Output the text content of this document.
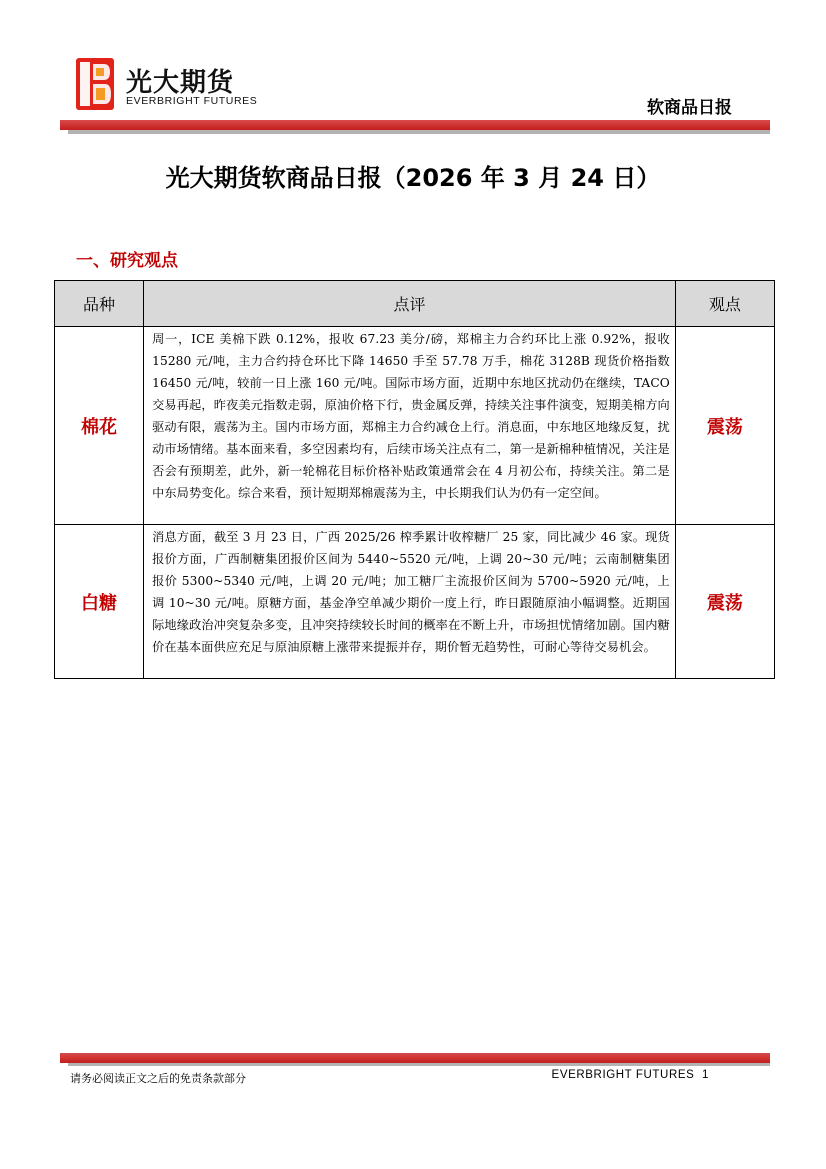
光大期货
EVERBRIGHT FUTURES	软商品日报
光大期货软商品日报（2026 年 3 月 24 日）
一、研究观点
品种	点评	观点
棉花	周一，ICE 美棉下跌 0.12%，报收 67.23 美分/磅，郑棉主力合约环比上涨 0.92%，报收 15280 元/吨，主力合约持仓环比下降 14650 手至 57.78 万手，棉花 3128B 现货价格指数 16450 元/吨，较前一日上涨 160 元/吨。国际市场方面，近期中东地区扰动仍在继续，TACO 交易再起，昨夜美元指数走弱，原油价格下行，贵金属反弹，持续关注事件演变，短期美棉方向驱动有限，震荡为主。国内市场方面，郑棉主力合约减仓上行。消息面，中东地区地缘反复，扰动市场情绪。基本面来看，多空因素均有，后续市场关注点有二，第一是新棉种植情况，关注是否会有预期差，此外，新一轮棉花目标价格补贴政策通常会在 4 月初公布，持续关注。第二是中东局势变化。综合来看，预计短期郑棉震荡为主，中长期我们认为仍有一定空间。	震荡
白糖	消息方面，截至 3 月 23 日，广西 2025/26 榨季累计收榨糖厂 25 家，同比减少 46 家。现货报价方面，广西制糖集团报价区间为 5440~5520 元/吨，上调 20~30 元/吨；云南制糖集团报价 5300~5340 元/吨，上调 20 元/吨；加工糖厂主流报价区间为 5700~5920 元/吨，上调 10~30 元/吨。原糖方面，基金净空单减少期价一度上行，昨日跟随原油小幅调整。近期国际地缘政治冲突复杂多变，且冲突持续较长时间的概率在不断上升，市场担忧情绪加剧。国内糖价在基本面供应充足与原油原糖上涨带来提振并存，期价暂无趋势性，可耐心等待交易机会。	震荡
请务必阅读正文之后的免责条款部分	EVERBRIGHT FUTURES 1
